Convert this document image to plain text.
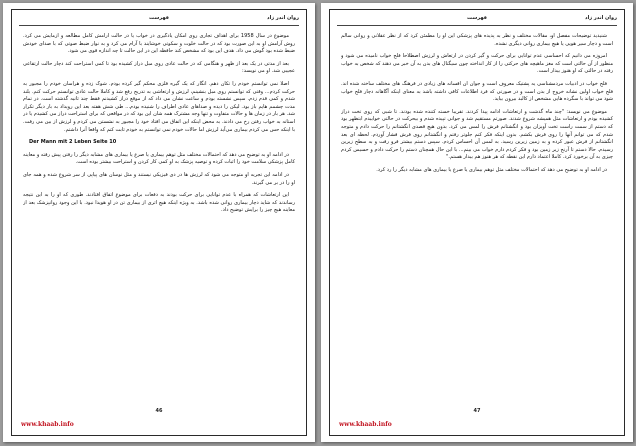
روان اندر زاد
فهرست

موضوع در سال 1958 برای اهداف تجاری روی امکان یادگیری در خواب یا در حالت آرامش کامل مطالعه و آزمایش می کرد. روش آرامش او به این صورت بود که در حالت خلوت و سکوتی خوشایند با آرام می کرد و به نوار ضبط صوتی که با صدای خودش ضبط شده بود گوش می داد. هدف این بود که مشخص کند حافظه این در این حالت تا چه اندازه قوی می شود.

بعد از مدتی در یک بعد از ظهر و هنگامی که در حالت عادی روی مبل دراز کشیده بود تا کمی استراحت کند دچار حالت ارتقاعی عجیبی شد. او می نویسد:

اصلا نمی توانستم خودم را تکان دهم. انگار که یک گیره فلزی محکم گیر کرده بودم. شوک زده و هراسان خودم را مجبور به حرکت کردم... وقتی که توانستم روی مبل بنشینم، لرزش و ارتعاشی به تدریج رفع شد و کاملا حالت عادی توانستم حرکت کنم. بلند شدم و کمی قدم زدم. سپس نشسته بودم و ساعت نشان می داد که از موقع دراز کشیدنم فقط چند ثانیه گذشته است. در تمام مدت چشمم هایم باز بود. لیکن را دیده و صداهای عادی اطراف را شنیده بودم... طی شش هفته بعد این رویداد به بار دیگر تکرار شد. هر بار در زمان ها و حالات متفاوت و تنها وجه مشترک همه شان این بود که در مواقعی که برای استراحت دراز می کشیدم یا در استانه به خواب رفتن رخ می دادند. به محض اینکه این اتفاق می افتاد خود را مجبور به نشستن می کردم و لرزش از بین می رفت. با اینکه حس می کردم بیماری می‌آید لرزش اما حالات خودم نمی توانستم به خودم ثابت کنم که واقعا آنرا داشتم.

Der Mann mit 2 Leben Seite 10

در ادامه او به توضیح می دهد که احتمالات مختلف مثل توهم بیماری یا صرع یا بیماری های مشابه دیگر را رفتن پیش رفته و معاینه کامل پزشکی سلامت خود را اثبات کرده و توصیه پزشک به او کمی کار کردن و استراحت بیشتر بوده است.

در ادامه این تجربه او متوجه می شود که لرزش ها در دی فیزیکی نیستند و مثل نوسان های پیاپی از سر شروع شده و همه جای او را در بر می گیرند.

این ارتعاشات که همراه با عدم توانایی برای حرکت بودند به دفعات برای موضوع اتفاق افتادند. طوری که او را به این نتیجه رساندند که شاید دچار بیماری روانی شده باشد. به ویژه اینکه هیچ اثری از بیماری تن در او هویدا نبود. با این وجود روانپزشک بعد از معاینه هیچ چیز را برایش توضیح داد.

46
www.khaab.info
روان اندر زاد
فهرست

شنیدید توضیحات مفصل او، مقالات مختلف و نظر به پدیده های پزشکی این او را مطمئن کرد که از نظر عقلانی و روانی سالم است و دچار سیر هویی یا هیچ بیماری روانی دیگری نشده.

امروزه می دانیم که احساسی عدم توانایی برای حرکت و گیر کردن در ارتعاش و لرزش اصطلاحا فلج خواب نامیده می شود و منظور از آن حالتی است که مغز ماهیچه های حرکتی را از کار انداخته چون سیگنال های بدن به آن خبر می دهند که شخص به خواب رفته در حالتی که او هنوز بیدار است.

فلج خواب در ادبیات مردمشناسی یه پشتیک معروف است و جوان ان افسانه های زیادی در فرهنگ های مختلف ساخته شده اند. فلج خواب اولین نشانه خروج از بدن است و در صورتی که فرد اطلاعات کافی داشته باشد به معنای اینکه آگاهانه دچار فلج خواب شود می تواند با سگرده هایی مشخص از کالبد بیرون بیاید.

موضوع می نویسد: "چند ماه گذشت و ارتعاشات ادامه پیدا کردند. تقریبا خسته کننده شده بودند. تا شبی که روی تخت دراز کشیده بودم و ارتعاشات مثل همیشه شروع شدند. صورتم مستقیم شد و جوانی تپیده شدم و بیحرکت در حالتی خوابیدم ابتظهر بود که دستم از سمت راست تخت آویزان بود و انگشتانم فرش را لمس می کرد. بدون هیچ قصدی انگشتانم را حرکت دادم و متوجه شدم که می توانم آنها را روی فرش بکشم. بدون اینکه فکر کنم جلوتر رفتم و انگشتانم روی فرش فشار آوردم. لحظه ای بعد انگشتانم از فرش عبور کرده و به زمین زیرین رسید. به لمس آن احساس کردم. سپس دستم بیشتر فرو رفت و به سطح زیرین رسیدم. حالا دستم تا آرنج زیر زمین بود و فکر کردم دارم خواب می بینم... با این حال همچنان دستم را حرکت دادم و حسیس کردم چیزی به آن برخورد کرد. کاملا اعتماد دارم این نقطه که هر هنوز هم بیدار هستم."

در ادامه او به توضیح می دهد که احتمالات مختلف مثل توهم بیماری یا صرع یا بیماری های مشابه دیگر را رد کرد.

47
www.khaab.info
